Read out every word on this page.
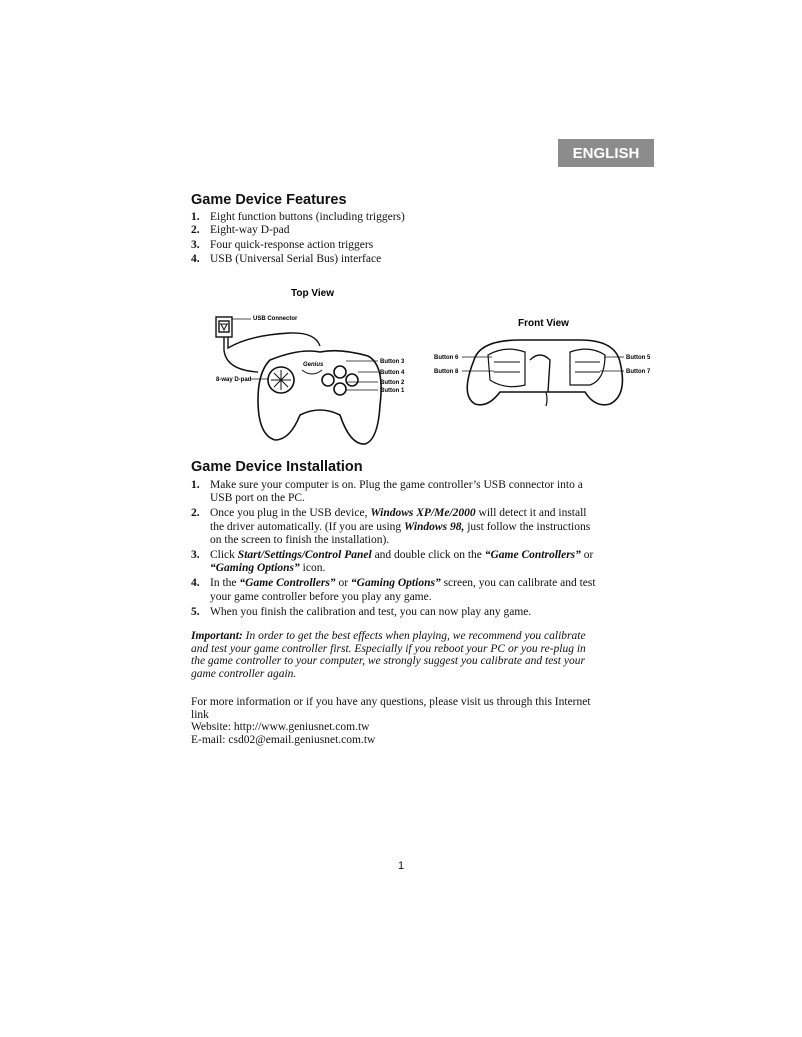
ENGLISH
Game Device Features
1. Eight function buttons (including triggers)
2. Eight-way D-pad
3. Four quick-response action triggers
4. USB (Universal Serial Bus) interface
Top View
USB Connector
Genius
8-way D-pad
Button 3
Button 4
Button 2
Button 1
Front View
Button 6
Button 8
Button 5
Button 7
Game Device Installation
1. Make sure your computer is on. Plug the game controller’s USB connector into a
USB port on the PC.
2. Once you plug in the USB device, Windows XP/Me/2000 will detect it and install
the driver automatically. (If you are using Windows 98, just follow the instructions
on the screen to finish the installation).
3. Click Start/Settings/Control Panel and double click on the “Game Controllers” or
“Gaming Options” icon.
4. In the “Game Controllers” or “Gaming Options” screen, you can calibrate and test
your game controller before you play any game.
5. When you finish the calibration and test, you can now play any game.

Important: In order to get the best effects when playing, we recommend you calibrate
and test your game controller first. Especially if you reboot your PC or you re-plug in
the game controller to your computer, we strongly suggest you calibrate and test your
game controller again.

For more information or if you have any questions, please visit us through this Internet
link
Website: http://www.geniusnet.com.tw
E-mail: csd02@email.geniusnet.com.tw

1
